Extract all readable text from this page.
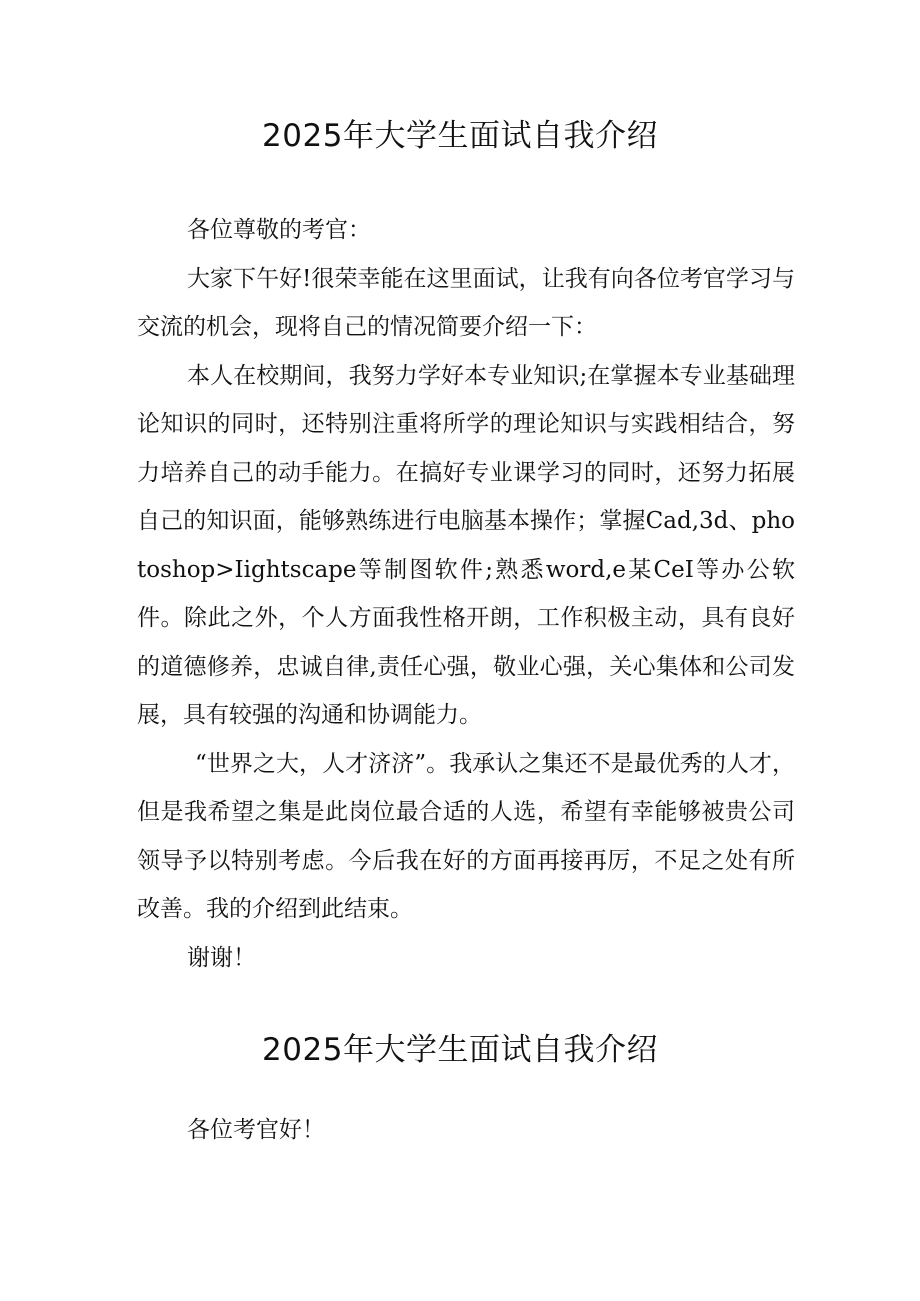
2025年大学生面试自我介绍

各位尊敬的考官：

大家下午好!很荣幸能在这里面试，让我有向各位考官学习与交流的机会，现将自己的情况简要介绍一下：

本人在校期间，我努力学好本专业知识;在掌握本专业基础理论知识的同时，还特别注重将所学的理论知识与实践相结合，努力培养自己的动手能力。在搞好专业课学习的同时，还努力拓展自己的知识面，能够熟练进行电脑基本操作；掌握Cad,3d、photoshop>Iightscape等制图软件;熟悉word,e某CeI等办公软件。除此之外，个人方面我性格开朗，工作积极主动，具有良好的道德修养，忠诚自律,责任心强，敬业心强，关心集体和公司发展，具有较强的沟通和协调能力。

“世界之大，人才济济”。我承认之集还不是最优秀的人才，但是我希望之集是此岗位最合适的人选，希望有幸能够被贵公司领导予以特别考虑。今后我在好的方面再接再厉，不足之处有所改善。我的介绍到此结束。

谢谢！

2025年大学生面试自我介绍

各位考官好！
